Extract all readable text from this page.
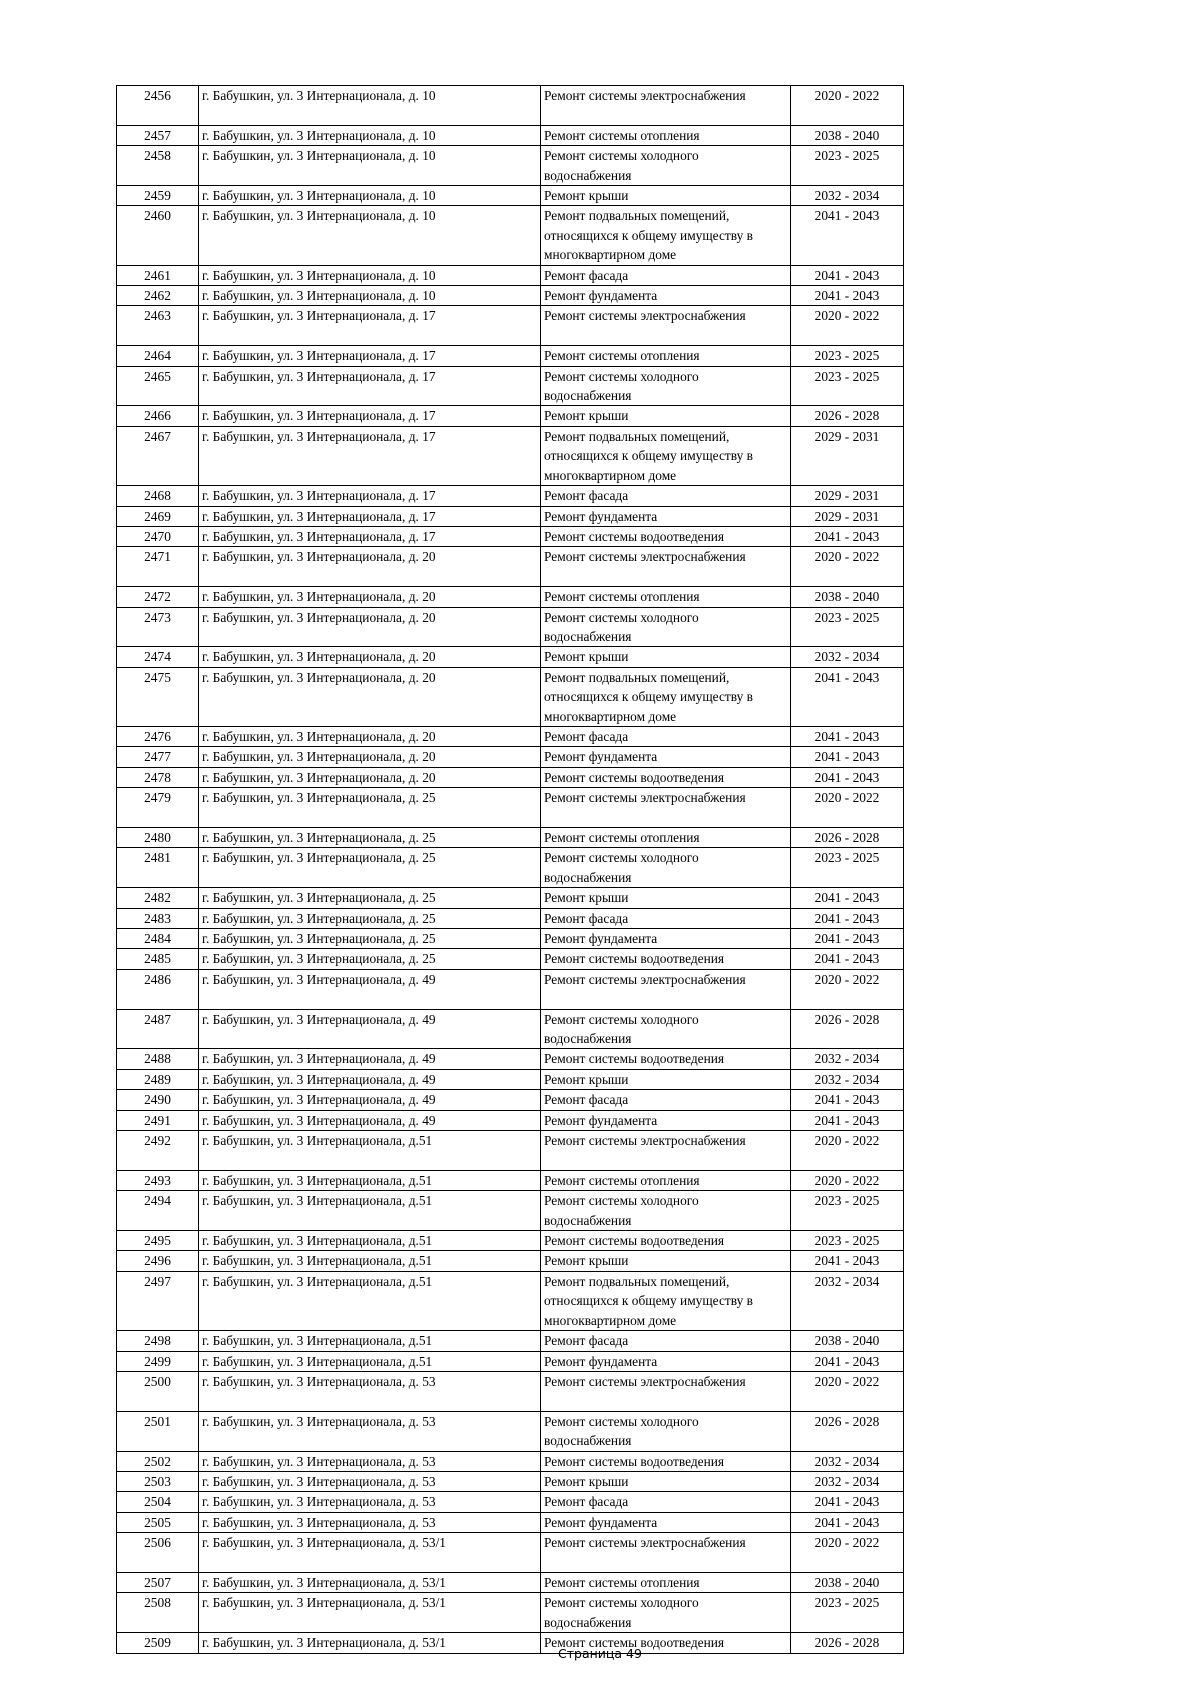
2456	г. Бабушкин, ул. 3 Интернационала, д. 10	Ремонт системы электроснабжения	2020 - 2022
2457	г. Бабушкин, ул. 3 Интернационала, д. 10	Ремонт системы отопления	2038 - 2040
2458	г. Бабушкин, ул. 3 Интернационала, д. 10	Ремонт системы холодного водоснабжения	2023 - 2025
2459	г. Бабушкин, ул. 3 Интернационала, д. 10	Ремонт крыши	2032 - 2034
2460	г. Бабушкин, ул. 3 Интернационала, д. 10	Ремонт подвальных помещений, относящихся к общему имуществу в многоквартирном доме	2041 - 2043
2461	г. Бабушкин, ул. 3 Интернационала, д. 10	Ремонт фасада	2041 - 2043
2462	г. Бабушкин, ул. 3 Интернационала, д. 10	Ремонт фундамента	2041 - 2043
2463	г. Бабушкин, ул. 3 Интернационала, д. 17	Ремонт системы электроснабжения	2020 - 2022
2464	г. Бабушкин, ул. 3 Интернационала, д. 17	Ремонт системы отопления	2023 - 2025
2465	г. Бабушкин, ул. 3 Интернационала, д. 17	Ремонт системы холодного водоснабжения	2023 - 2025
2466	г. Бабушкин, ул. 3 Интернационала, д. 17	Ремонт крыши	2026 - 2028
2467	г. Бабушкин, ул. 3 Интернационала, д. 17	Ремонт подвальных помещений, относящихся к общему имуществу в многоквартирном доме	2029 - 2031
2468	г. Бабушкин, ул. 3 Интернационала, д. 17	Ремонт фасада	2029 - 2031
2469	г. Бабушкин, ул. 3 Интернационала, д. 17	Ремонт фундамента	2029 - 2031
2470	г. Бабушкин, ул. 3 Интернационала, д. 17	Ремонт системы водоотведения	2041 - 2043
2471	г. Бабушкин, ул. 3 Интернационала, д. 20	Ремонт системы электроснабжения	2020 - 2022
2472	г. Бабушкин, ул. 3 Интернационала, д. 20	Ремонт системы отопления	2038 - 2040
2473	г. Бабушкин, ул. 3 Интернационала, д. 20	Ремонт системы холодного водоснабжения	2023 - 2025
2474	г. Бабушкин, ул. 3 Интернационала, д. 20	Ремонт крыши	2032 - 2034
2475	г. Бабушкин, ул. 3 Интернационала, д. 20	Ремонт подвальных помещений, относящихся к общему имуществу в многоквартирном доме	2041 - 2043
2476	г. Бабушкин, ул. 3 Интернационала, д. 20	Ремонт фасада	2041 - 2043
2477	г. Бабушкин, ул. 3 Интернационала, д. 20	Ремонт фундамента	2041 - 2043
2478	г. Бабушкин, ул. 3 Интернационала, д. 20	Ремонт системы водоотведения	2041 - 2043
2479	г. Бабушкин, ул. 3 Интернационала, д. 25	Ремонт системы электроснабжения	2020 - 2022
2480	г. Бабушкин, ул. 3 Интернационала, д. 25	Ремонт системы отопления	2026 - 2028
2481	г. Бабушкин, ул. 3 Интернационала, д. 25	Ремонт системы холодного водоснабжения	2023 - 2025
2482	г. Бабушкин, ул. 3 Интернационала, д. 25	Ремонт крыши	2041 - 2043
2483	г. Бабушкин, ул. 3 Интернационала, д. 25	Ремонт фасада	2041 - 2043
2484	г. Бабушкин, ул. 3 Интернационала, д. 25	Ремонт фундамента	2041 - 2043
2485	г. Бабушкин, ул. 3 Интернационала, д. 25	Ремонт системы водоотведения	2041 - 2043
2486	г. Бабушкин, ул. 3 Интернационала, д. 49	Ремонт системы электроснабжения	2020 - 2022
2487	г. Бабушкин, ул. 3 Интернационала, д. 49	Ремонт системы холодного водоснабжения	2026 - 2028
2488	г. Бабушкин, ул. 3 Интернационала, д. 49	Ремонт системы водоотведения	2032 - 2034
2489	г. Бабушкин, ул. 3 Интернационала, д. 49	Ремонт крыши	2032 - 2034
2490	г. Бабушкин, ул. 3 Интернационала, д. 49	Ремонт фасада	2041 - 2043
2491	г. Бабушкин, ул. 3 Интернационала, д. 49	Ремонт фундамента	2041 - 2043
2492	г. Бабушкин, ул. 3 Интернационала, д.51	Ремонт системы электроснабжения	2020 - 2022
2493	г. Бабушкин, ул. 3 Интернационала, д.51	Ремонт системы отопления	2020 - 2022
2494	г. Бабушкин, ул. 3 Интернационала, д.51	Ремонт системы холодного водоснабжения	2023 - 2025
2495	г. Бабушкин, ул. 3 Интернационала, д.51	Ремонт системы водоотведения	2023 - 2025
2496	г. Бабушкин, ул. 3 Интернационала, д.51	Ремонт крыши	2041 - 2043
2497	г. Бабушкин, ул. 3 Интернационала, д.51	Ремонт подвальных помещений, относящихся к общему имуществу в многоквартирном доме	2032 - 2034
2498	г. Бабушкин, ул. 3 Интернационала, д.51	Ремонт фасада	2038 - 2040
2499	г. Бабушкин, ул. 3 Интернационала, д.51	Ремонт фундамента	2041 - 2043
2500	г. Бабушкин, ул. 3 Интернационала, д. 53	Ремонт системы электроснабжения	2020 - 2022
2501	г. Бабушкин, ул. 3 Интернационала, д. 53	Ремонт системы холодного водоснабжения	2026 - 2028
2502	г. Бабушкин, ул. 3 Интернационала, д. 53	Ремонт системы водоотведения	2032 - 2034
2503	г. Бабушкин, ул. 3 Интернационала, д. 53	Ремонт крыши	2032 - 2034
2504	г. Бабушкин, ул. 3 Интернационала, д. 53	Ремонт фасада	2041 - 2043
2505	г. Бабушкин, ул. 3 Интернационала, д. 53	Ремонт фундамента	2041 - 2043
2506	г. Бабушкин, ул. 3 Интернационала, д. 53/1	Ремонт системы электроснабжения	2020 - 2022
2507	г. Бабушкин, ул. 3 Интернационала, д. 53/1	Ремонт системы отопления	2038 - 2040
2508	г. Бабушкин, ул. 3 Интернационала, д. 53/1	Ремонт системы холодного водоснабжения	2023 - 2025
2509	г. Бабушкин, ул. 3 Интернационала, д. 53/1	Ремонт системы водоотведения	2026 - 2028
Страница 49
